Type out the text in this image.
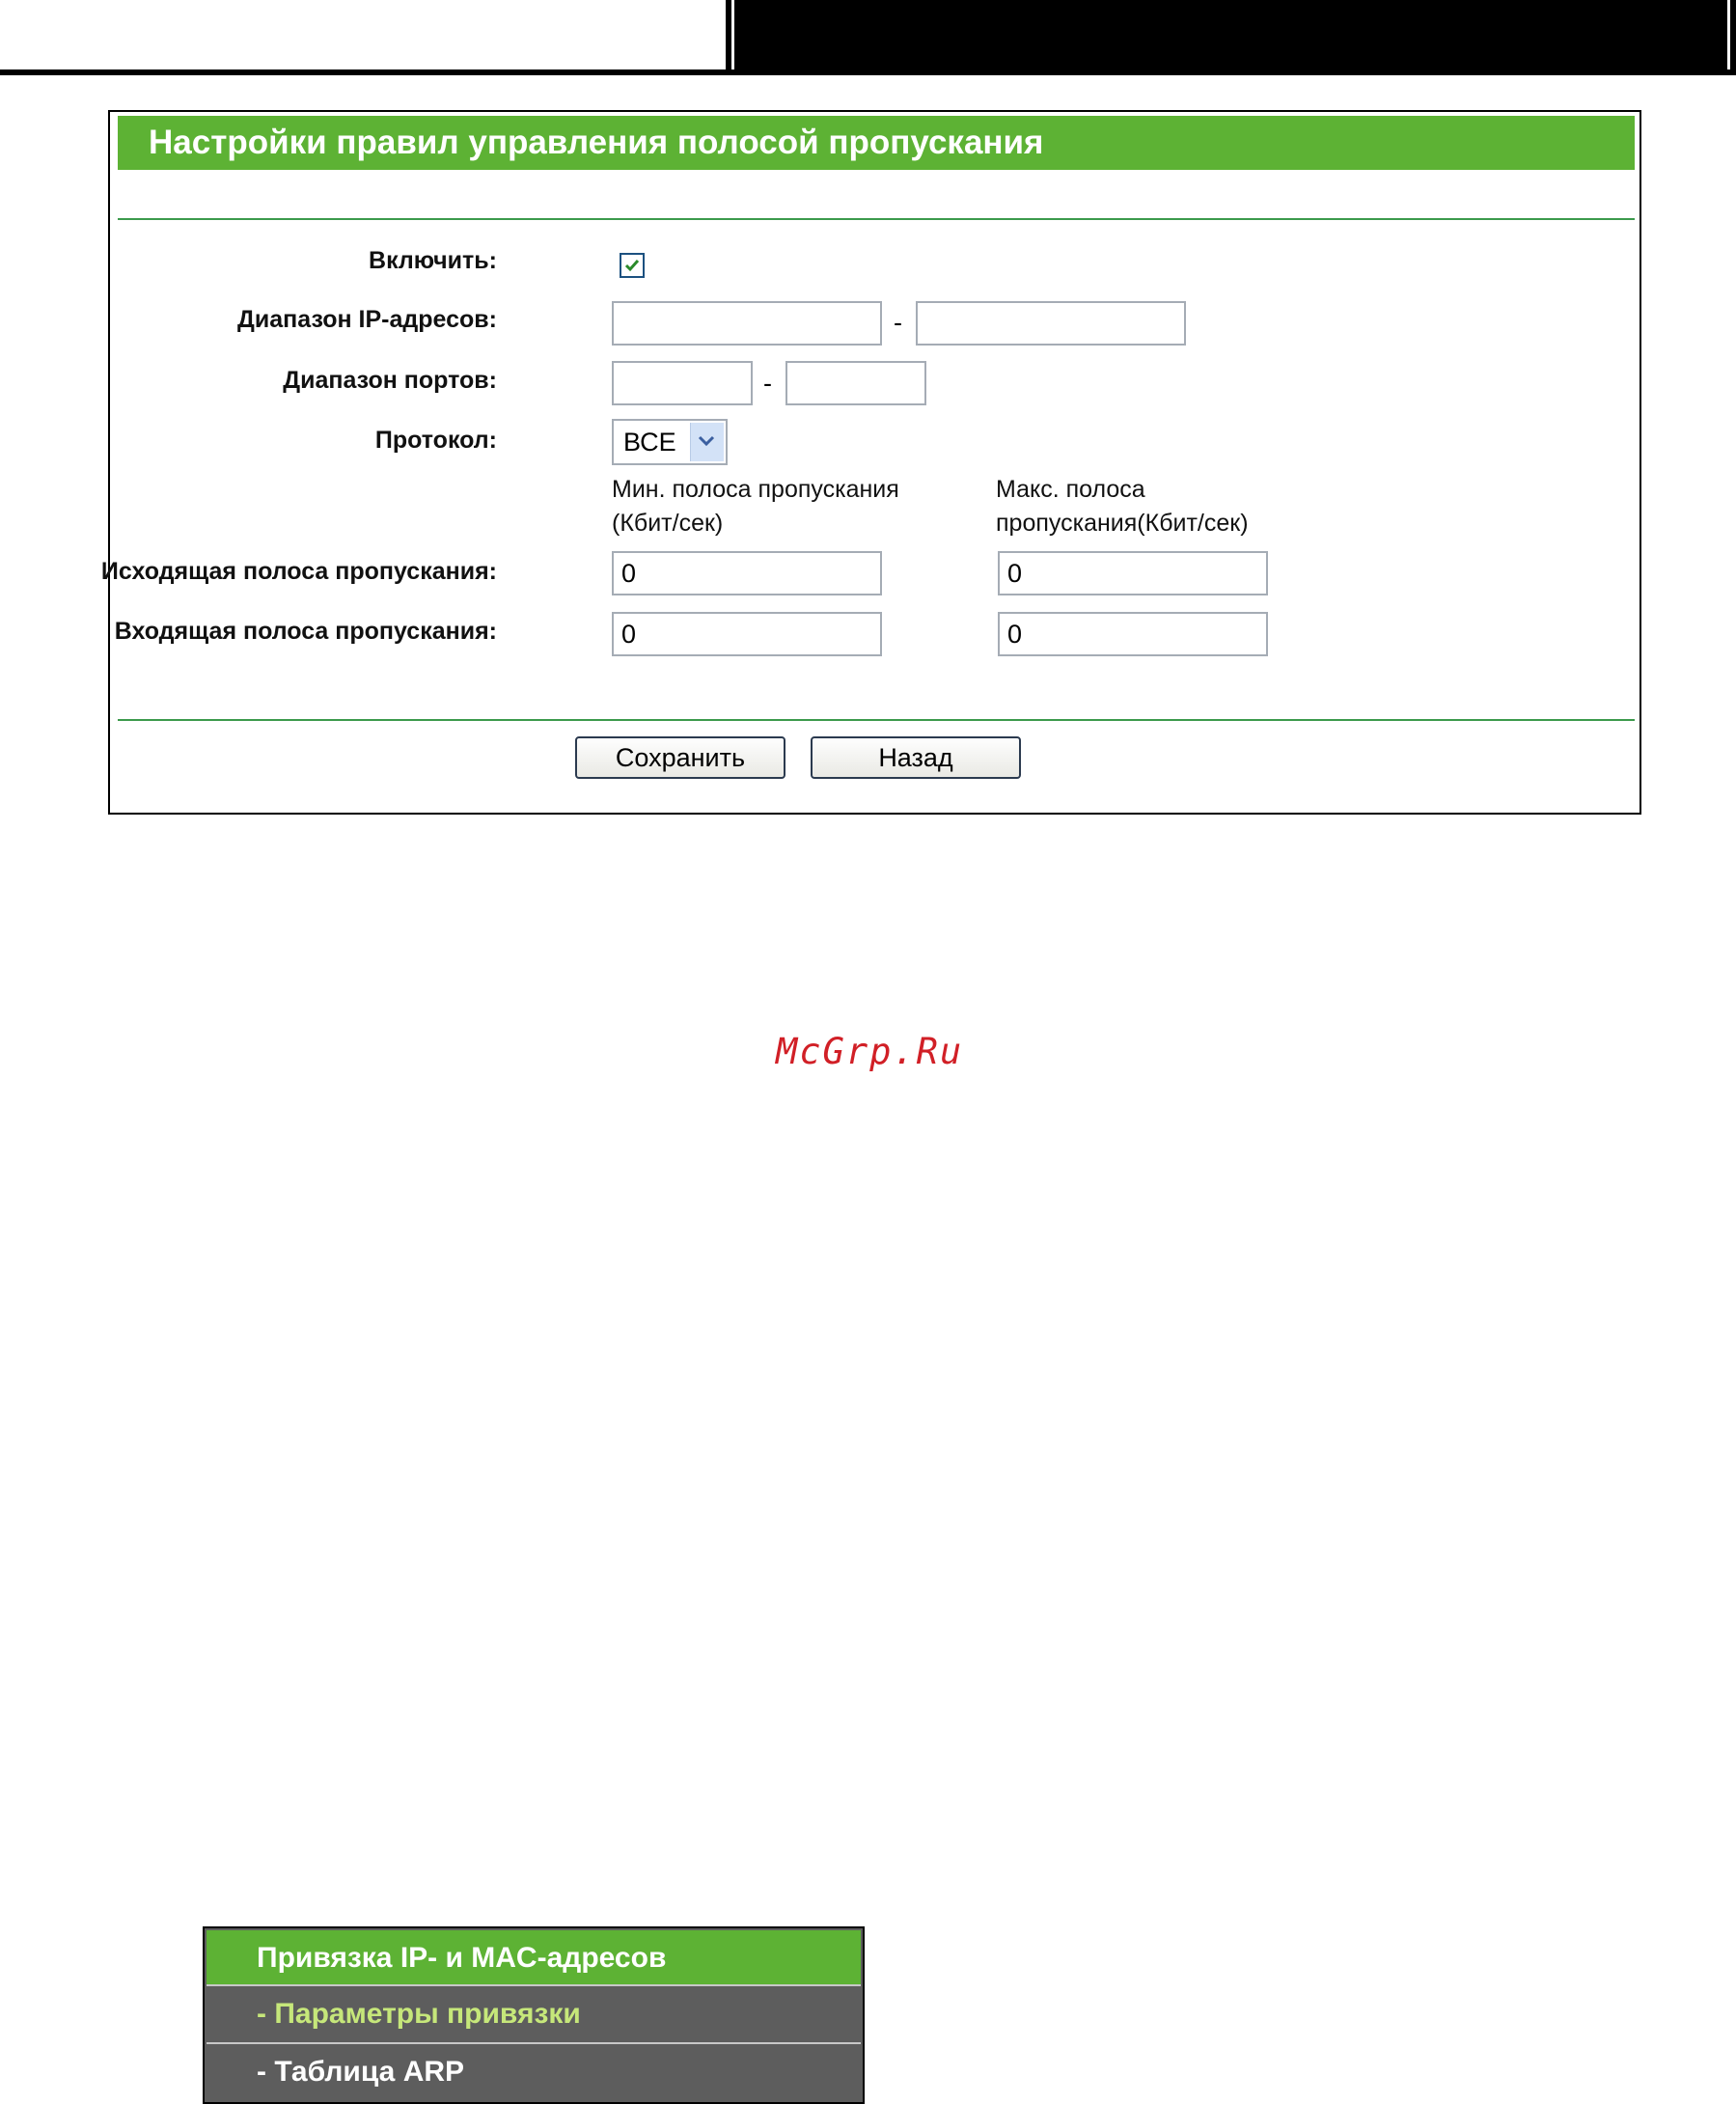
Настройки правил управления полосой пропускания
Включить:
Диапазон IP-адресов:	-
Диапазон портов:	-
Протокол:	ВСЕ
Мин. полоса пропускания
(Кбит/сек)
Макс. полоса
пропускания(Кбит/сек)
Исходящая полоса пропускания:	0	0
Входящая полоса пропускания:	0	0
Сохранить	Назад
McGrp.Ru
Привязка IP- и MAC-адресов
- Параметры привязки
- Таблица ARP
